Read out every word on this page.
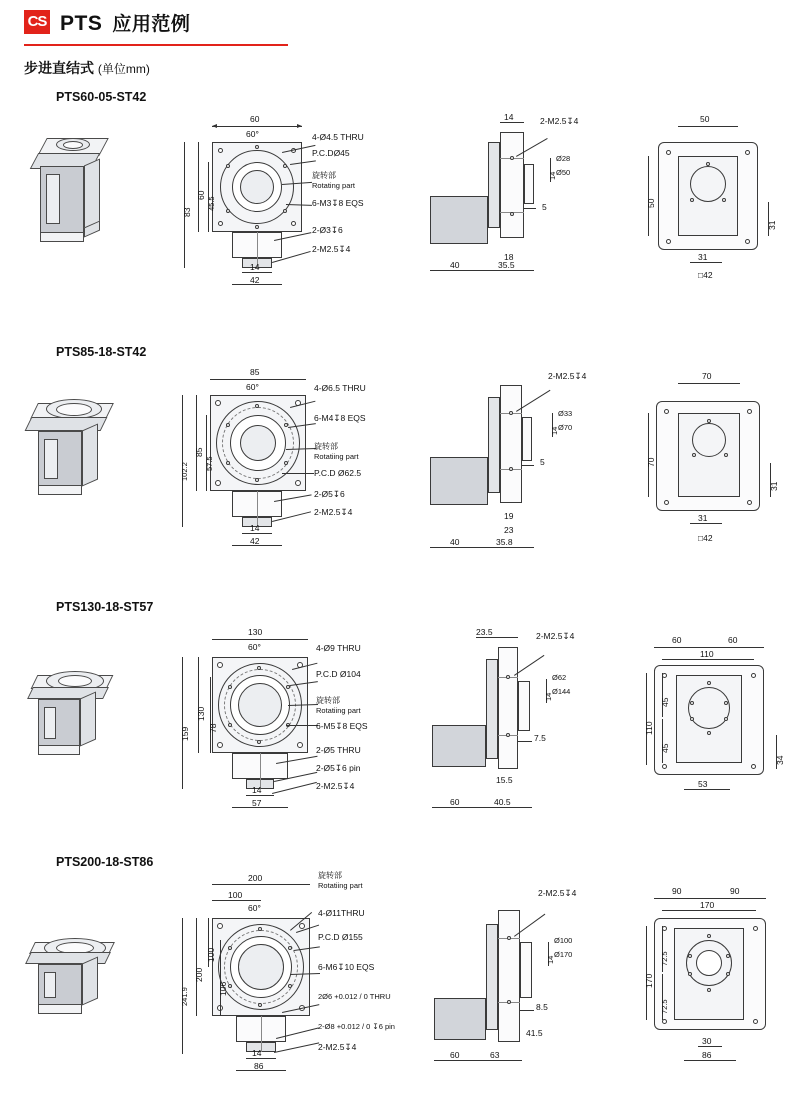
CS PTS 应用范例
步进直结式 (单位mm)
PTS60-05-ST42
60
60°
83
60
45.5
14
42
4-Ø4.5 THRU
P.C.DØ45
旋转部
Rotating part
6-M3↧8 EQS
2-Ø3↧6
2-M2.5↧4
14	2-M2.5↧4
14
Ø28
Ø50
5
18
40	35.5
50
50
31
31
□42
PTS85-18-ST42
85
60°
102.2
85
57.5
14
42
4-Ø6.5 THRU
6-M4↧8 EQS
旋转部
Rotatiing part
P.C.D Ø62.5
2-Ø5↧6
2-M2.5↧4
2-M2.5↧4
14
Ø33
Ø70
5
19
23
40	35.8
70
70
31
31
□42
PTS130-18-ST57
130
60°
159
130
78
14
57
4-Ø9 THRU
P.C.D Ø104
旋转部
Rotatiing part
6-M5↧8 EQS
2-Ø5 THRU
2-Ø5↧6 pin
2-M2.5↧4
23.5	2-M2.5↧4
14
Ø62
Ø144
7.5
15.5
60	40.5
60	60
110
110
45
45
53
34
PTS200-18-ST86
200
100
60°
241.9
200
100
106
14
86
旋转部
Rotatiing part
4-Ø11THRU
P.C.D Ø155
6-M6↧10 EQS
2Ø6 +0.012 / 0 THRU
2-Ø8 +0.012 / 0 ↧6 pin
2-M2.5↧4
2-M2.5↧4
14
Ø100
Ø170
8.5
60	63
41.5
90	90
170
170
72.5
72.5
30
86
